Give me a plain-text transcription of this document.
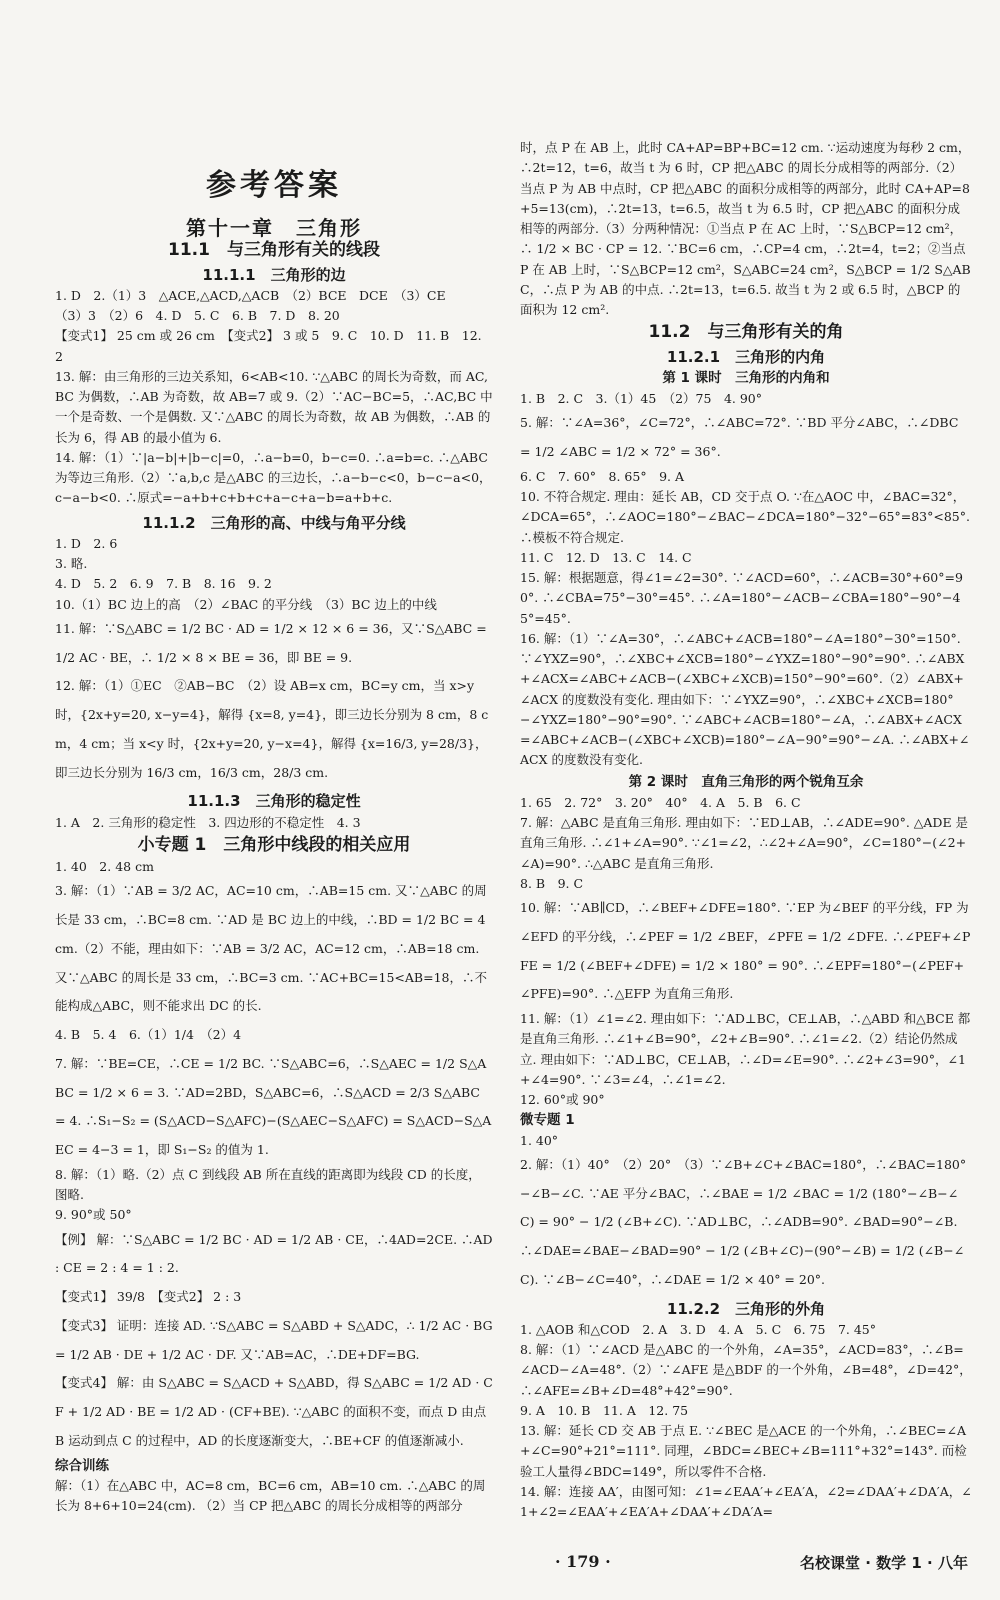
参考答案
第十一章　三角形
11.1　与三角形有关的线段
11.1.1　三角形的边

1. D　2.（1）3　△ACE,△ACD,△ACB　（2）BCE　DCE　（3）CE

（3）3　（2）6　4. D　5. C　6. B　7. D　8. 20

【变式1】 25 cm 或 26 cm　【变式2】 3 或 5　9. C　10. D　11. B　12. 2

13. 解：由三角形的三边关系知，6<AB<10. ∵△ABC 的周长为奇数，而 AC,BC 为偶数，∴AB 为奇数，故 AB=7 或 9.（2）∵AC−BC=5，∴AC,BC 中一个是奇数、一个是偶数. 又∵△ABC 的周长为奇数，故 AB 为偶数，∴AB 的长为 6，得 AB 的最小值为 6.

14. 解：（1）∵|a−b|+|b−c|=0，∴a−b=0，b−c=0. ∴a=b=c. ∴△ABC 为等边三角形.（2）∵a,b,c 是△ABC 的三边长，∴a−b−c<0，b−c−a<0，c−a−b<0. ∴原式=−a+b+c+b+c+a−c+a−b=a+b+c.

11.1.2　三角形的高、中线与角平分线

1. D　2. 6

3. 略.

4. D　5. 2　6. 9　7. B　8. 16　9. 2

10.（1）BC 边上的高　（2）∠BAC 的平分线　（3）BC 边上的中线

11. 解：∵S△ABC = 1/2 BC · AD = 1/2 × 12 × 6 = 36，又∵S△ABC = 1/2 AC · BE，∴ 1/2 × 8 × BE = 36，即 BE = 9.

12. 解：（1）①EC　②AB−BC　（2）设 AB=x cm，BC=y cm，当 x>y 时，{2x+y=20, x−y=4}，解得 {x=8, y=4}，即三边长分别为 8 cm，8 cm，4 cm；当 x<y 时，{2x+y=20, y−x=4}，解得 {x=16/3, y=28/3}，即三边长分别为 16/3 cm，16/3 cm，28/3 cm.

11.1.3　三角形的稳定性

1. A　2. 三角形的稳定性　3. 四边形的不稳定性　4. 3

小专题 1　三角形中线段的相关应用

1. 40　2. 48 cm

3. 解：（1）∵AB = 3/2 AC，AC=10 cm，∴AB=15 cm. 又∵△ABC 的周长是 33 cm，∴BC=8 cm. ∵AD 是 BC 边上的中线，∴BD = 1/2 BC = 4 cm.（2）不能，理由如下：∵AB = 3/2 AC，AC=12 cm，∴AB=18 cm. 又∵△ABC 的周长是 33 cm，∴BC=3 cm. ∵AC+BC=15<AB=18，∴不能构成△ABC，则不能求出 DC 的长.

4. B　5. 4　6.（1）1/4　（2）4

7. 解：∵BE=CE，∴CE = 1/2 BC. ∵S△ABC=6，∴S△AEC = 1/2 S△ABC = 1/2 × 6 = 3. ∵AD=2BD，S△ABC=6，∴S△ACD = 2/3 S△ABC = 4. ∴S₁−S₂ = (S△ACD−S△AFC)−(S△AEC−S△AFC) = S△ACD−S△AEC = 4−3 = 1，即 S₁−S₂ 的值为 1.

8. 解：（1）略.（2）点 C 到线段 AB 所在直线的距离即为线段 CD 的长度，图略.

9. 90°或 50°

【例】 解：∵S△ABC = 1/2 BC · AD = 1/2 AB · CE，∴4AD=2CE. ∴AD : CE = 2 : 4 = 1 : 2.

【变式1】 39/8　【变式2】 2 : 3

【变式3】 证明：连接 AD. ∵S△ABC = S△ABD + S△ADC，∴ 1/2 AC · BG = 1/2 AB · DE + 1/2 AC · DF. 又∵AB=AC，∴DE+DF=BG.

【变式4】 解：由 S△ABC = S△ACD + S△ABD，得 S△ABC = 1/2 AD · CF + 1/2 AD · BE = 1/2 AD · (CF+BE). ∵△ABC 的面积不变，而点 D 由点 B 运动到点 C 的过程中，AD 的长度逐渐变大，∴BE+CF 的值逐渐减小.

综合训练

解：（1）在△ABC 中，AC=8 cm，BC=6 cm，AB=10 cm. ∴△ABC 的周长为 8+6+10=24(cm). （2）当 CP 把△ABC 的周长分成相等的两部分

时，点 P 在 AB 上，此时 CA+AP=BP+BC=12 cm. ∵运动速度为每秒 2 cm，∴2t=12，t=6，故当 t 为 6 时，CP 把△ABC 的周长分成相等的两部分.（2）当点 P 为 AB 中点时，CP 把△ABC 的面积分成相等的两部分，此时 CA+AP=8+5=13(cm)，∴2t=13，t=6.5，故当 t 为 6.5 时，CP 把△ABC 的面积分成相等的两部分.（3）分两种情况：①当点 P 在 AC 上时，∵S△BCP=12 cm²，∴ 1/2 × BC · CP = 12. ∵BC=6 cm，∴CP=4 cm，∴2t=4，t=2；②当点 P 在 AB 上时，∵S△BCP=12 cm²，S△ABC=24 cm²，S△BCP = 1/2 S△ABC，∴点 P 为 AB 的中点. ∴2t=13，t=6.5. 故当 t 为 2 或 6.5 时，△BCP 的面积为 12 cm².

11.2　与三角形有关的角
11.2.1　三角形的内角
第 1 课时　三角形的内角和

1. B　2. C　3.（1）45　（2）75　4. 90°

5. 解：∵∠A=36°，∠C=72°，∴∠ABC=72°. ∵BD 平分∠ABC，∴∠DBC = 1/2 ∠ABC = 1/2 × 72° = 36°.

6. C　7. 60°　8. 65°　9. A

10. 不符合规定. 理由：延长 AB，CD 交于点 O. ∵在△AOC 中，∠BAC=32°，∠DCA=65°，∴∠AOC=180°−∠BAC−∠DCA=180°−32°−65°=83°<85°. ∴模板不符合规定.

11. C　12. D　13. C　14. C

15. 解：根据题意，得∠1=∠2=30°. ∵∠ACD=60°，∴∠ACB=30°+60°=90°. ∴∠CBA=75°−30°=45°. ∴∠A=180°−∠ACB−∠CBA=180°−90°−45°=45°.

16. 解：（1）∵∠A=30°，∴∠ABC+∠ACB=180°−∠A=180°−30°=150°. ∵∠YXZ=90°，∴∠XBC+∠XCB=180°−∠YXZ=180°−90°=90°. ∴∠ABX+∠ACX=∠ABC+∠ACB−(∠XBC+∠XCB)=150°−90°=60°.（2）∠ABX+∠ACX 的度数没有变化. 理由如下：∵∠YXZ=90°，∴∠XBC+∠XCB=180°−∠YXZ=180°−90°=90°. ∵∠ABC+∠ACB=180°−∠A，∴∠ABX+∠ACX=∠ABC+∠ACB−(∠XBC+∠XCB)=180°−∠A−90°=90°−∠A. ∴∠ABX+∠ACX 的度数没有变化.

第 2 课时　直角三角形的两个锐角互余

1. 65　2. 72°　3. 20°　40°　4. A　5. B　6. C

7. 解：△ABC 是直角三角形. 理由如下：∵ED⊥AB，∴∠ADE=90°. △ADE 是直角三角形. ∴∠1+∠A=90°. ∵∠1=∠2，∴∠2+∠A=90°，∠C=180°−(∠2+∠A)=90°. ∴△ABC 是直角三角形.

8. B　9. C

10. 解：∵AB∥CD，∴∠BEF+∠DFE=180°. ∵EP 为∠BEF 的平分线，FP 为∠EFD 的平分线，∴∠PEF = 1/2 ∠BEF，∠PFE = 1/2 ∠DFE. ∴∠PEF+∠PFE = 1/2 (∠BEF+∠DFE) = 1/2 × 180° = 90°. ∴∠EPF=180°−(∠PEF+∠PFE)=90°. ∴△EFP 为直角三角形.

11. 解：（1）∠1=∠2. 理由如下：∵AD⊥BC，CE⊥AB，∴△ABD 和△BCE 都是直角三角形. ∴∠1+∠B=90°，∠2+∠B=90°. ∴∠1=∠2.（2）结论仍然成立. 理由如下：∵AD⊥BC，CE⊥AB，∴∠D=∠E=90°. ∴∠2+∠3=90°，∠1+∠4=90°. ∵∠3=∠4，∴∠1=∠2.

12. 60°或 90°

微专题 1

1. 40°

2. 解：（1）40°　（2）20°　（3）∵∠B+∠C+∠BAC=180°，∴∠BAC=180°−∠B−∠C. ∵AE 平分∠BAC，∴∠BAE = 1/2 ∠BAC = 1/2 (180°−∠B−∠C) = 90° − 1/2 (∠B+∠C). ∵AD⊥BC，∴∠ADB=90°. ∠BAD=90°−∠B. ∴∠DAE=∠BAE−∠BAD=90° − 1/2 (∠B+∠C)−(90°−∠B) = 1/2 (∠B−∠C). ∵∠B−∠C=40°，∴∠DAE = 1/2 × 40° = 20°.

11.2.2　三角形的外角

1. △AOB 和△COD　2. A　3. D　4. A　5. C　6. 75　7. 45°

8. 解：（1）∵∠ACD 是△ABC 的一个外角，∠A=35°，∠ACD=83°，∴∠B=∠ACD−∠A=48°.（2）∵∠AFE 是△BDF 的一个外角，∠B=48°，∠D=42°，∴∠AFE=∠B+∠D=48°+42°=90°.

9. A　10. B　11. A　12. 75

13. 解：延长 CD 交 AB 于点 E. ∵∠BEC 是△ACE 的一个外角，∴∠BEC=∠A+∠C=90°+21°=111°. 同理，∠BDC=∠BEC+∠B=111°+32°=143°. 而检验工人量得∠BDC=149°，所以零件不合格.

14. 解：连接 AA′，由图可知：∠1=∠EAA′+∠EA′A，∠2=∠DAA′+∠DA′A，∠1+∠2=∠EAA′+∠EA′A+∠DAA′+∠DA′A=

· 179 ·	名校课堂 · 数学 1 · 八年
